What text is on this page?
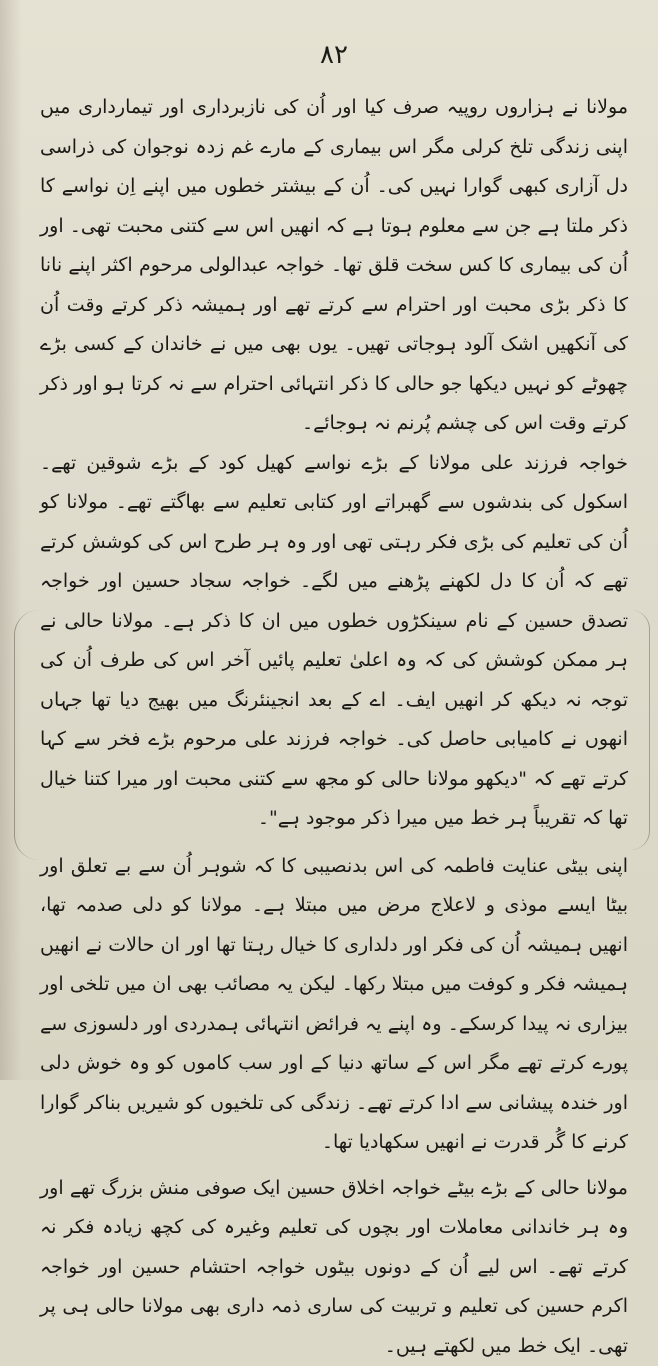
۸۲

مولانا نے ہزاروں روپیہ صرف کیا اور اُن کی نازبرداری اور تیمارداری میں اپنی زندگی تلخ کرلی مگر اس بیماری کے مارے غم زدہ نوجوان کی ذراسی دل آزاری کبھی گوارا نہیں کی۔ اُن کے بیشتر خطوں میں اپنے اِن نواسے کا ذکر ملتا ہے جن سے معلوم ہوتا ہے کہ انھیں اس سے کتنی محبت تھی۔ اور اُن کی بیماری کا کس سخت قلق تھا۔ خواجہ عبدالولی مرحوم اکثر اپنے نانا کا ذکر بڑی محبت اور احترام سے کرتے تھے اور ہمیشہ ذکر کرتے وقت اُن کی آنکھیں اشک آلود ہوجاتی تھیں۔ یوں بھی میں نے خاندان کے کسی بڑے چھوٹے کو نہیں دیکھا جو حالی کا ذکر انتہائی احترام سے نہ کرتا ہو اور ذکر کرتے وقت اس کی چشم پُرنم نہ ہوجائے۔

خواجہ فرزند علی مولانا کے بڑے نواسے کھیل کود کے بڑے شوقین تھے۔ اسکول کی بندشوں سے گھبراتے اور کتابی تعلیم سے بھاگتے تھے۔ مولانا کو اُن کی تعلیم کی بڑی فکر رہتی تھی اور وہ ہر طرح اس کی کوشش کرتے تھے کہ اُن کا دل لکھنے پڑھنے میں لگے۔ خواجہ سجاد حسین اور خواجہ تصدق حسین کے نام سینکڑوں خطوں میں ان کا ذکر ہے۔ مولانا حالی نے ہر ممکن کوشش کی کہ وہ اعلیٰ تعلیم پائیں آخر اس کی طرف اُن کی توجہ نہ دیکھ کر انھیں ایف۔ اے کے بعد انجینئرنگ میں بھیج دیا تھا جہاں انھوں نے کامیابی حاصل کی۔ خواجہ فرزند علی مرحوم بڑے فخر سے کہا کرتے تھے کہ "دیکھو مولانا حالی کو مجھ سے کتنی محبت اور میرا کتنا خیال تھا کہ تقریباً ہر خط میں میرا ذکر موجود ہے"۔

اپنی بیٹی عنایت فاطمہ کی اس بدنصیبی کا کہ شوہر اُن سے بے تعلق اور بیٹا ایسے موذی و لاعلاج مرض میں مبتلا ہے۔ مولانا کو دلی صدمہ تھا، انھیں ہمیشہ اُن کی فکر اور دلداری کا خیال رہتا تھا اور ان حالات نے انھیں ہمیشہ فکر و کوفت میں مبتلا رکھا۔ لیکن یہ مصائب بھی ان میں تلخی اور بیزاری نہ پیدا کرسکے۔ وہ اپنے یہ فرائض انتہائی ہمدردی اور دلسوزی سے پورے کرتے تھے مگر اس کے ساتھ دنیا کے اور سب کاموں کو وہ خوش دلی اور خندہ پیشانی سے ادا کرتے تھے۔ زندگی کی تلخیوں کو شیریں بناکر گوارا کرنے کا گُر قدرت نے انھیں سکھادیا تھا۔

مولانا حالی کے بڑے بیٹے خواجہ اخلاق حسین ایک صوفی منش بزرگ تھے اور وہ ہر خاندانی معاملات اور بچوں کی تعلیم وغیرہ کی کچھ زیادہ فکر نہ کرتے تھے۔ اس لیے اُن کے دونوں بیٹوں خواجہ احتشام حسین اور خواجہ اکرم حسین کی تعلیم و تربیت کی ساری ذمہ داری بھی مولانا حالی ہی پر تھی۔ ایک خط میں لکھتے ہیں۔
